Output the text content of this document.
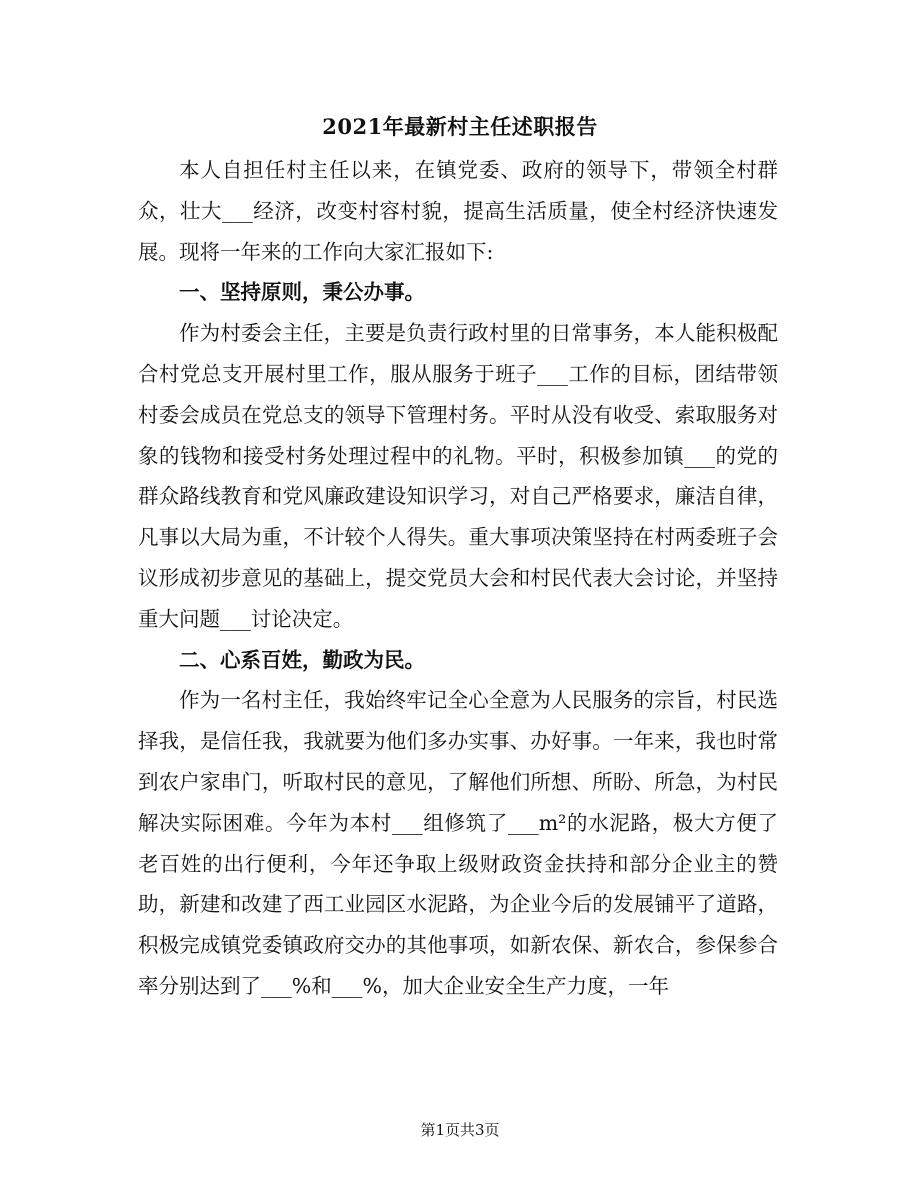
2021年最新村主任述职报告

本人自担任村主任以来，在镇党委、政府的领导下，带领全村群众，壮大___经济，改变村容村貌，提高生活质量，使全村经济快速发展。现将一年来的工作向大家汇报如下:

一、坚持原则，秉公办事。

作为村委会主任，主要是负责行政村里的日常事务，本人能积极配合村党总支开展村里工作，服从服务于班子___工作的目标，团结带领村委会成员在党总支的领导下管理村务。平时从没有收受、索取服务对象的钱物和接受村务处理过程中的礼物。平时，积极参加镇___的党的群众路线教育和党风廉政建设知识学习，对自己严格要求，廉洁自律，凡事以大局为重，不计较个人得失。重大事项决策坚持在村两委班子会议形成初步意见的基础上，提交党员大会和村民代表大会讨论，并坚持重大问题___讨论决定。

二、心系百姓，勤政为民。

作为一名村主任，我始终牢记全心全意为人民服务的宗旨，村民选择我，是信任我，我就要为他们多办实事、办好事。一年来，我也时常到农户家串门，听取村民的意见，了解他们所想、所盼、所急，为村民解决实际困难。今年为本村___组修筑了___m²的水泥路，极大方便了老百姓的出行便利，今年还争取上级财政资金扶持和部分企业主的赞助，新建和改建了西工业园区水泥路，为企业今后的发展铺平了道路，积极完成镇党委镇政府交办的其他事项，如新农保、新农合，参保参合率分别达到了___%和___%，加大企业安全生产力度，一年

第1页共3页
